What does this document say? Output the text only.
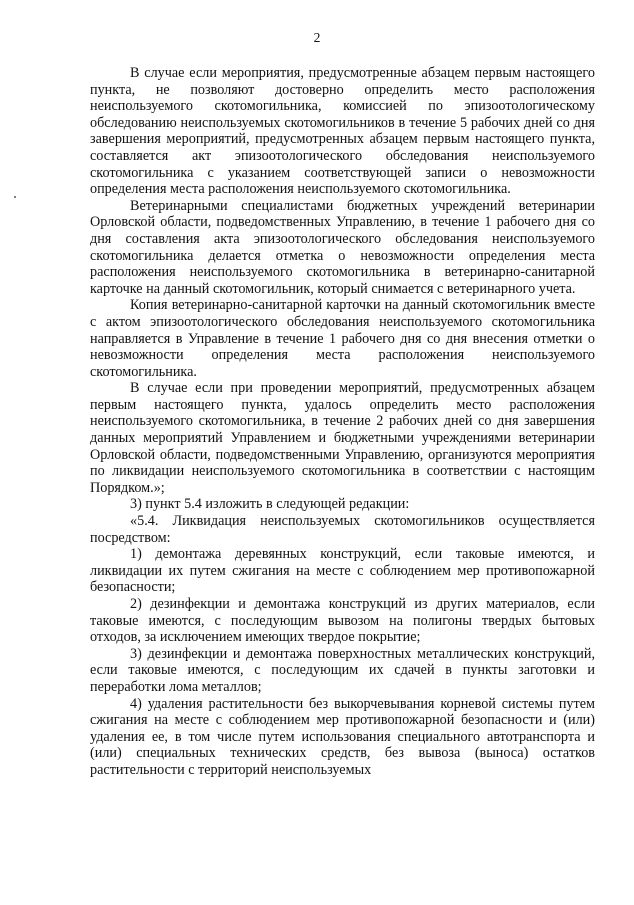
2

В случае если мероприятия, предусмотренные абзацем первым настоящего пункта, не позволяют достоверно определить место расположения неиспользуемого скотомогильника, комиссией по эпизоотологическому обследованию неиспользуемых скотомогильников в течение 5 рабочих дней со дня завершения мероприятий, предусмотренных абзацем первым настоящего пункта, составляется акт эпизоотологического обследования неиспользуемого скотомогильника с указанием соответствующей записи о невозможности определения места расположения неиспользуемого скотомогильника.

Ветеринарными специалистами бюджетных учреждений ветеринарии Орловской области, подведомственных Управлению, в течение 1 рабочего дня со дня составления акта эпизоотологического обследования неиспользуемого скотомогильника делается отметка о невозможности определения места расположения неиспользуемого скотомогильника в ветеринарно-санитарной карточке на данный скотомогильник, который снимается с ветеринарного учета.

Копия ветеринарно-санитарной карточки на данный скотомогильник вместе с актом эпизоотологического обследования неиспользуемого скотомогильника направляется в Управление в течение 1 рабочего дня со дня внесения отметки о невозможности определения места расположения неиспользуемого скотомогильника.

В случае если при проведении мероприятий, предусмотренных абзацем первым настоящего пункта, удалось определить место расположения неиспользуемого скотомогильника, в течение 2 рабочих дней со дня завершения данных мероприятий Управлением и бюджетными учреждениями ветеринарии Орловской области, подведомственными Управлению, организуются мероприятия по ликвидации неиспользуемого скотомогильника в соответствии с настоящим Порядком.»;

3) пункт 5.4 изложить в следующей редакции:

«5.4. Ликвидация неиспользуемых скотомогильников осуществляется посредством:

1) демонтажа деревянных конструкций, если таковые имеются, и ликвидации их путем сжигания на месте с соблюдением мер противопожарной безопасности;

2) дезинфекции и демонтажа конструкций из других материалов, если таковые имеются, с последующим вывозом на полигоны твердых бытовых отходов, за исключением имеющих твердое покрытие;

3) дезинфекции и демонтажа поверхностных металлических конструкций, если таковые имеются, с последующим их сдачей в пункты заготовки и переработки лома металлов;

4) удаления растительности без выкорчевывания корневой системы путем сжигания на месте с соблюдением мер противопожарной безопасности и (или) удаления ее, в том числе путем использования специального автотранспорта и (или) специальных технических средств, без вывоза (выноса) остатков растительности с территорий неиспользуемых
